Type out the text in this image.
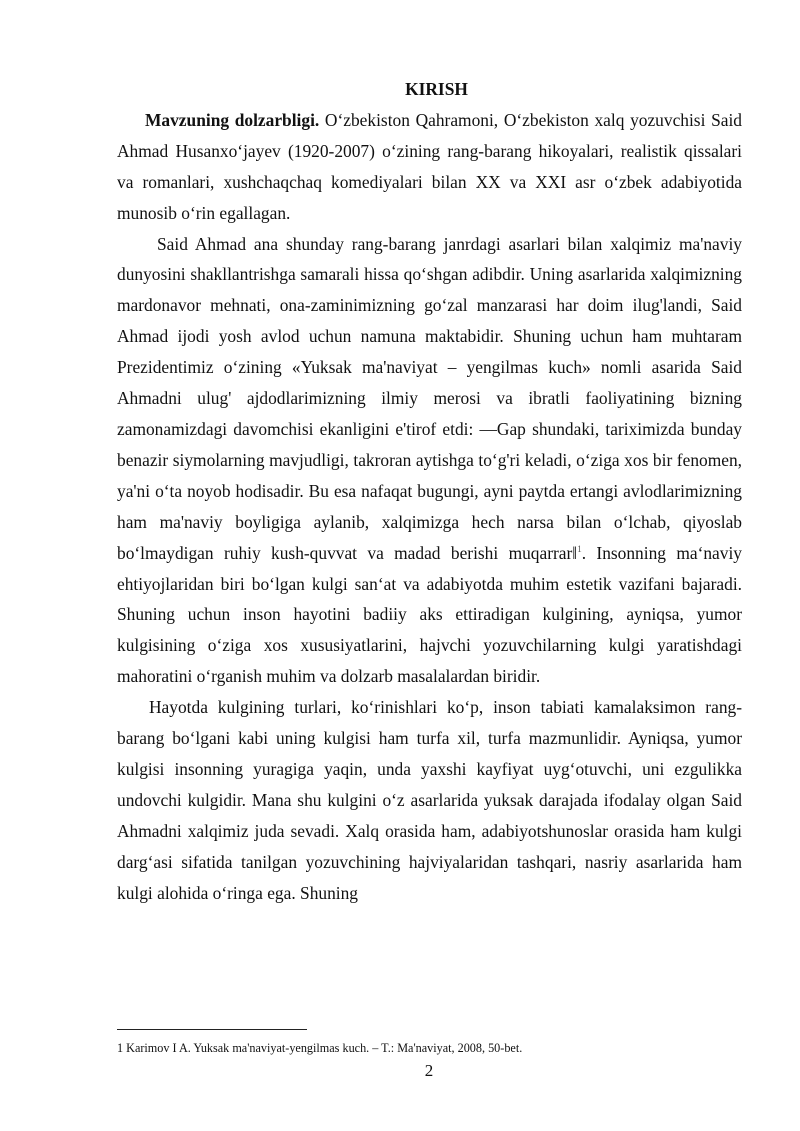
KIRISH

Mavzuning dolzarbligi. O‘zbekiston Qahramoni, O‘zbekiston xalq yozuvchisi Said Ahmad Husanxo‘jayev (1920-2007) o‘zining rang-barang hikoyalari, realistik qissalari va romanlari, xushchaqchaq komediyalari bilan XX va XXI asr o‘zbek adabiyotida munosib o‘rin egallagan.

Said Ahmad ana shunday rang-barang janrdagi asarlari bilan xalqimiz ma'naviy dunyosini shakllantrishga samarali hissa qo‘shgan adibdir. Uning asarlarida xalqimizning mardonavor mehnati, ona-zaminimizning go‘zal manzarasi har doim ilug'landi, Said Ahmad ijodi yosh avlod uchun namuna maktabidir. Shuning uchun ham muhtaram Prezidentimiz o‘zining «Yuksak ma'naviyat – yengilmas kuch» nomli asarida Said Ahmadni ulug' ajdodlarimizning ilmiy merosi va ibratli faoliyatining bizning zamonamizdagi davomchisi ekanligini e'tirof etdi: ―Gap shundaki, tariximizda bunday benazir siymolarning mavjudligi, takroran aytishga to‘g'ri keladi, o‘ziga xos bir fenomen, ya'ni o‘ta noyob hodisadir. Bu esa nafaqat bugungi, ayni paytda ertangi avlodlarimizning ham ma'naviy boyligiga aylanib, xalqimizga hech narsa bilan o‘lchab, qiyoslab bo‘lmaydigan ruhiy kush-quvvat va madad berishi muqarrar‖$^1$. Insonning ma‘naviy ehtiyojlaridan biri bo‘lgan kulgi san‘at va adabiyotda muhim estetik vazifani bajaradi. Shuning uchun inson hayotini badiiy aks ettiradigan kulgining, ayniqsa, yumor kulgisining o‘ziga xos xususiyatlarini, hajvchi yozuvchilarning kulgi yaratishdagi mahoratini o‘rganish muhim va dolzarb masalalardan biridir.

Hayotda kulgining turlari, ko‘rinishlari ko‘p, inson tabiati kamalaksimon rang-barang bo‘lgani kabi uning kulgisi ham turfa xil, turfa mazmunlidir. Ayniqsa, yumor kulgisi insonning yuragiga yaqin, unda yaxshi kayfiyat uyg‘otuvchi, uni ezgulikka undovchi kulgidir. Mana shu kulgini o‘z asarlarida yuksak darajada ifodalay olgan Said Ahmadni xalqimiz juda sevadi. Xalq orasida ham, adabiyotshunoslar orasida ham kulgi darg‘asi sifatida tanilgan yozuvchining hajviyalaridan tashqari, nasriy asarlarida ham kulgi alohida o‘ringa ega. Shuning

1 Karimov I A. Yuksak ma'naviyat-yengilmas kuch. – T.: Ma'naviyat, 2008, 50-bet.
2
